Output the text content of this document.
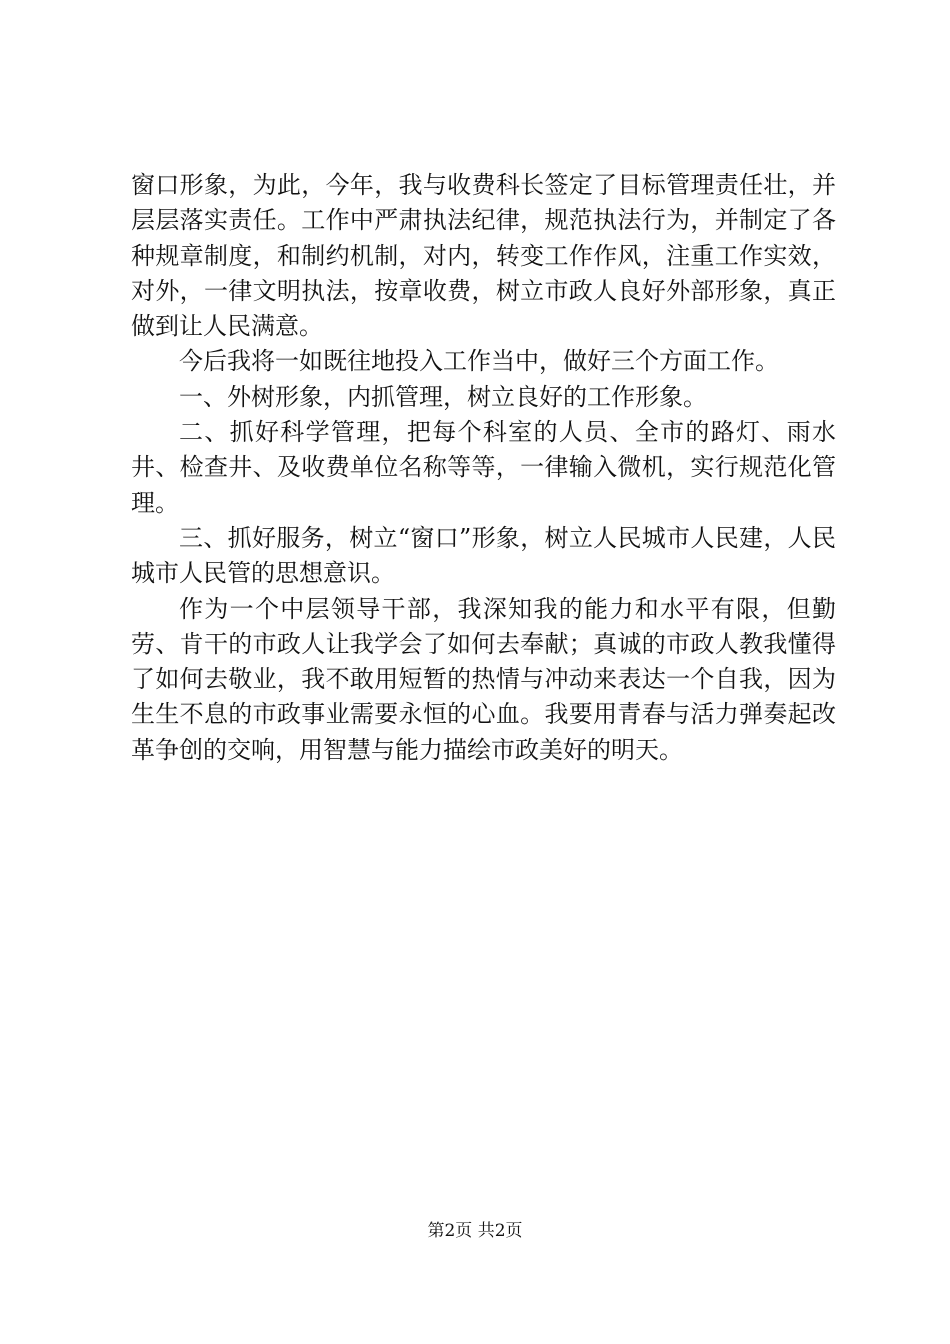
窗口形象，为此，今年，我与收费科长签定了目标管理责任壮，并层层落实责任。工作中严肃执法纪律，规范执法行为，并制定了各种规章制度，和制约机制，对内，转变工作作风，注重工作实效，对外，一律文明执法，按章收费，树立市政人良好外部形象，真正做到让人民满意。

今后我将一如既往地投入工作当中，做好三个方面工作。

一、外树形象，内抓管理，树立良好的工作形象。

二、抓好科学管理，把每个科室的人员、全市的路灯、雨水井、检查井、及收费单位名称等等，一律输入微机，实行规范化管理。

三、抓好服务，树立“窗口”形象，树立人民城市人民建，人民城市人民管的思想意识。

作为一个中层领导干部，我深知我的能力和水平有限，但勤劳、肯干的市政人让我学会了如何去奉献；真诚的市政人教我懂得了如何去敬业，我不敢用短暂的热情与冲动来表达一个自我，因为生生不息的市政事业需要永恒的心血。我要用青春与活力弹奏起改革争创的交响，用智慧与能力描绘市政美好的明天。

第2页 共2页
